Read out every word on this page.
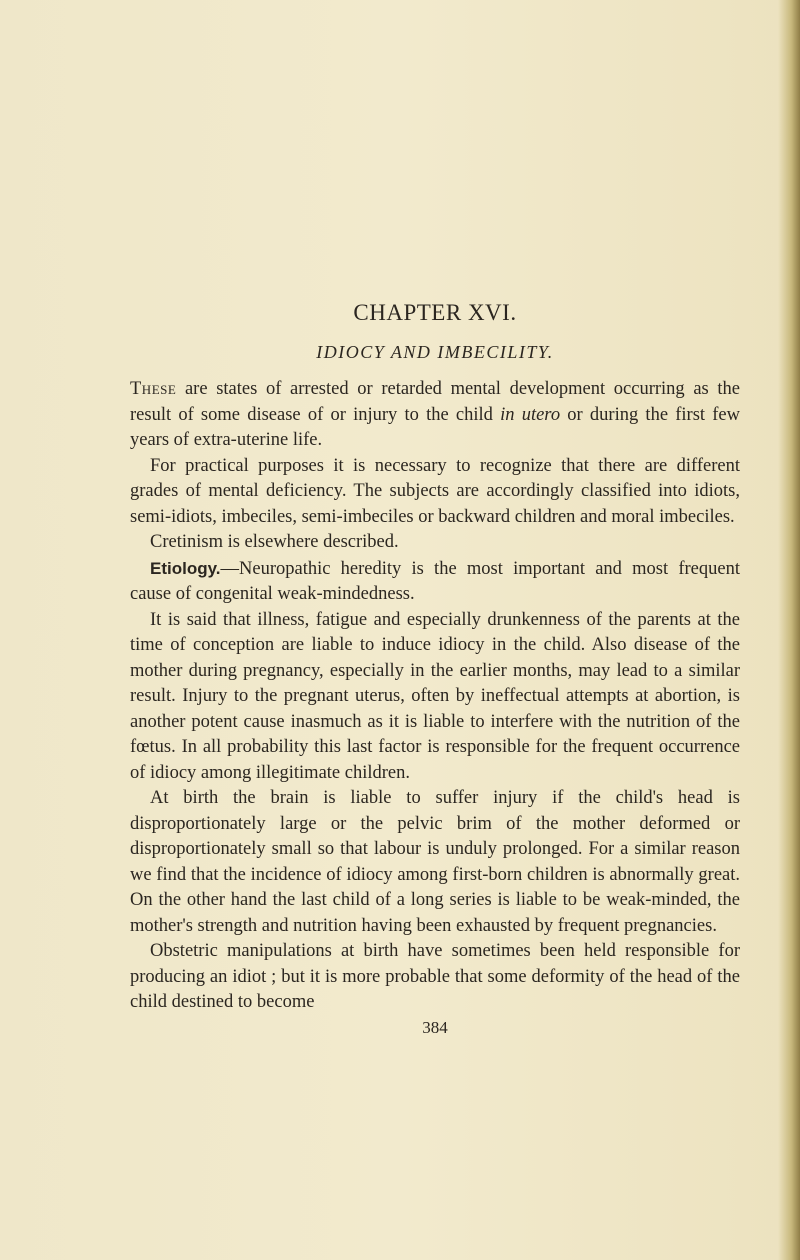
CHAPTER XVI.
IDIOCY AND IMBECILITY.

These are states of arrested or retarded mental development occurring as the result of some disease of or injury to the child in utero or during the first few years of extra-uterine life.

For practical purposes it is necessary to recognize that there are different grades of mental deficiency. The subjects are accordingly classified into idiots, semi-idiots, imbeciles, semi-imbeciles or backward children and moral imbeciles.

Cretinism is elsewhere described.

Etiology.—Neuropathic heredity is the most important and most frequent cause of congenital weak-mindedness.

It is said that illness, fatigue and especially drunkenness of the parents at the time of conception are liable to induce idiocy in the child. Also disease of the mother during pregnancy, especially in the earlier months, may lead to a similar result. Injury to the pregnant uterus, often by ineffectual attempts at abortion, is another potent cause inasmuch as it is liable to interfere with the nutrition of the fœtus. In all probability this last factor is responsible for the frequent occurrence of idiocy among illegitimate children.

At birth the brain is liable to suffer injury if the child's head is disproportionately large or the pelvic brim of the mother deformed or disproportionately small so that labour is unduly prolonged. For a similar reason we find that the incidence of idiocy among first-born children is abnormally great. On the other hand the last child of a long series is liable to be weak-minded, the mother's strength and nutrition having been exhausted by frequent pregnancies.

Obstetric manipulations at birth have sometimes been held responsible for producing an idiot ; but it is more probable that some deformity of the head of the child destined to become

384
